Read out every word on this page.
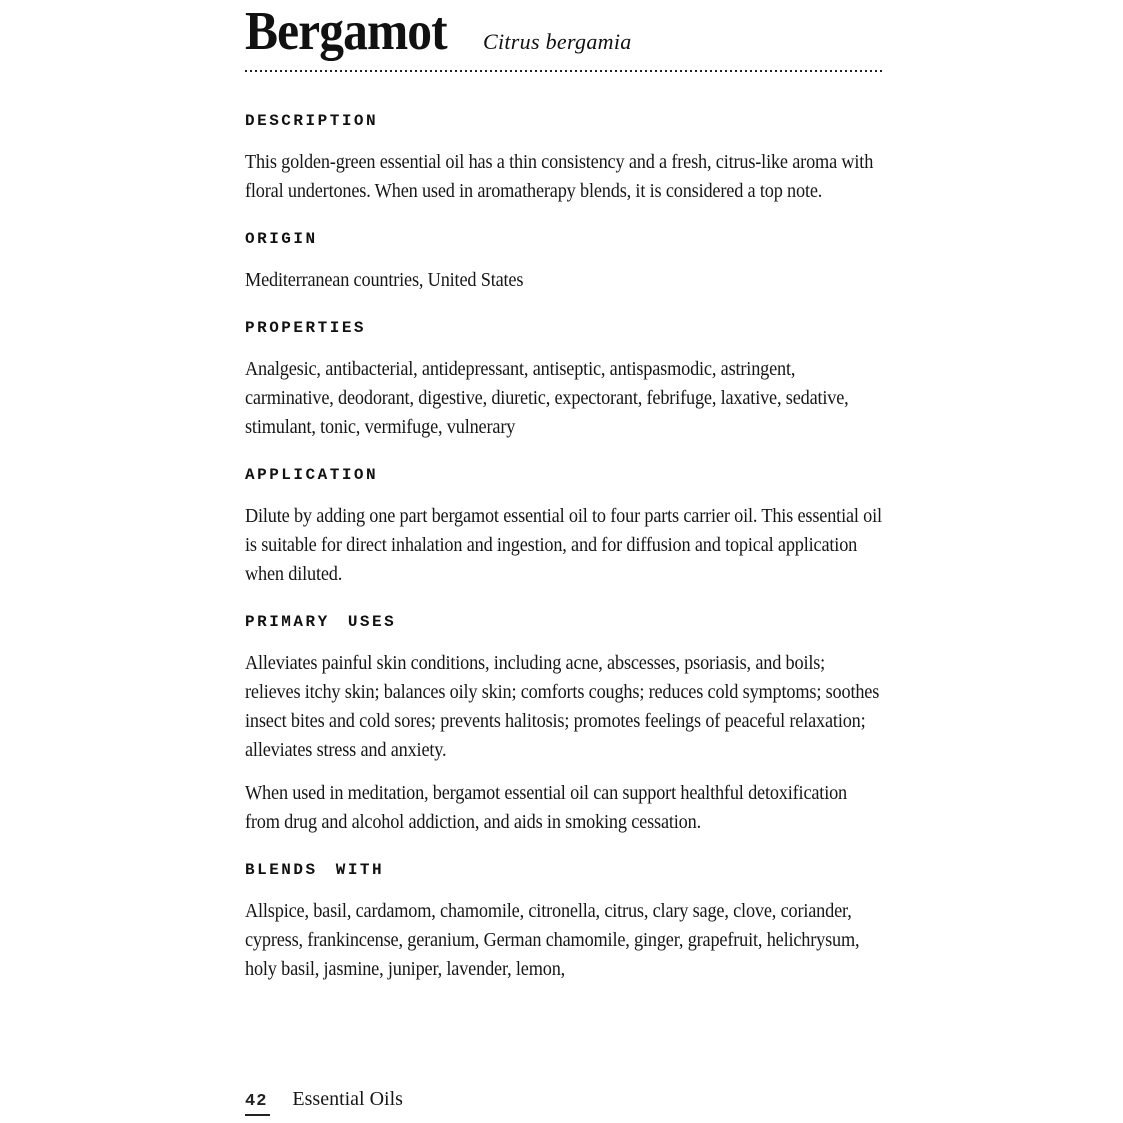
Bergamot Citrus bergamia
DESCRIPTION

This golden-green essential oil has a thin consistency and a fresh, citrus-like aroma with floral undertones. When used in aromatherapy blends, it is considered a top note.

ORIGIN

Mediterranean countries, United States

PROPERTIES

Analgesic, antibacterial, antidepressant, antiseptic, antispasmodic, astringent, carminative, deodorant, digestive, diuretic, expectorant, febrifuge, laxative, sedative, stimulant, tonic, vermifuge, vulnerary

APPLICATION

Dilute by adding one part bergamot essential oil to four parts carrier oil. This essential oil is suitable for direct inhalation and ingestion, and for diffusion and topical application when diluted.

PRIMARY USES

Alleviates painful skin conditions, including acne, abscesses, psoriasis, and boils; relieves itchy skin; balances oily skin; comforts coughs; reduces cold symptoms; soothes insect bites and cold sores; prevents halitosis; promotes feelings of peaceful relaxation; alleviates stress and anxiety.

When used in meditation, bergamot essential oil can support healthful detoxification from drug and alcohol addiction, and aids in smoking cessation.

BLENDS WITH

Allspice, basil, cardamom, chamomile, citronella, citrus, clary sage, clove, coriander, cypress, frankincense, geranium, German chamomile, ginger, grapefruit, helichrysum, holy basil, jasmine, juniper, lavender, lemon,

42 Essential Oils
